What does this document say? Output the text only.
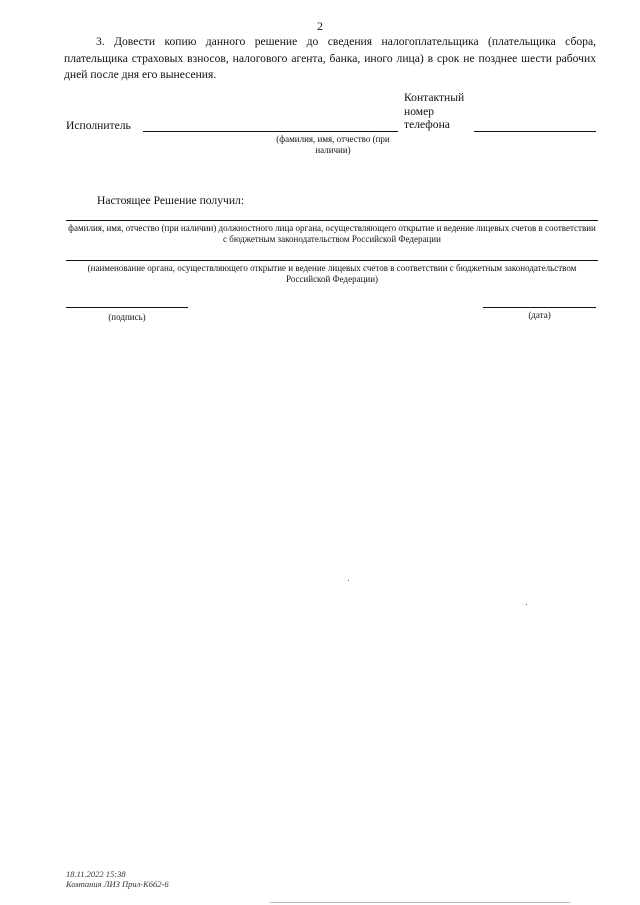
2
3. Довести копию данного решение до сведения налогоплательщика (плательщика сбора, плательщика страховых взносов, налогового агента, банка, иного лица) в срок не позднее шести рабочих дней после дня его вынесения.
Исполнитель
(фамилия, имя, отчество (при наличии)
Контактный
номер
телефона
Настоящее Решение получил:
фамилия, имя, отчество (при наличии) должностного лица органа, осуществляющего открытие и ведение лицевых счетов в соответствии с бюджетным законодательством Российской Федерации
(наименование органа, осуществляющего открытие и ведение лицевых счетов в соответствии с бюджетным законодательством Российской Федерации)
(подпись)	(дата)
18.11.2022 15:38
Компания ЛИЗ Прил-К662-6
